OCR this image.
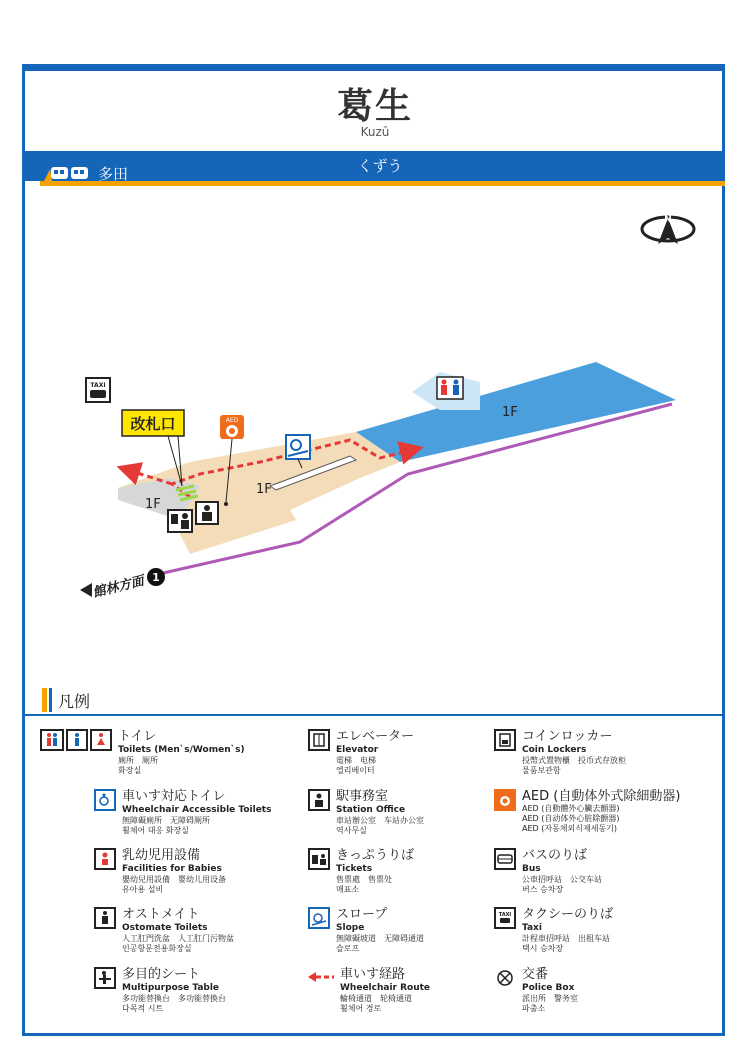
葛生
Kuzū
多田	くずう
N
1
館林方面
改札口
1F
1F
1F
TAXI
AED
凡例
トイレ
Toilets (Men`s/Women`s)
廁所　厕所
화장실
車いす対応トイレ
Wheelchair Accessible Toilets
無障礙廁所　无障碍厕所
휠체어 대응 화장실
乳幼児用設備
Facilities for Babies
嬰幼兒用設備　婴幼儿用设备
유아용 설비
オストメイト
Ostomate Toilets
人工肛門洗盆　人工肛门污物盆
인공항문전용화장실
多目的シート
Multipurpose Table
多功能替換台　多功能替换台
다목적 시트
エレベーター
Elevator
電梯　电梯
엘리베이터
駅事務室
Station Office
車站辦公室　车站办公室
역사무실
きっぷうりば
Tickets
售票處　售票处
매표소
スロープ
Slope
無障礙坡道　无障碍通道
슬로프
車いす経路
Wheelchair Route
輪椅通道　轮椅通道
휠체어 경로
コインロッカー
Coin Lockers
投幣式置物櫃　投币式存放柜
물품보관함
AED (自動体外式除細動器)
AED (自動體外心臟去顫器)
AED (自动体外心脏除颤器)
AED (자동체외식제세동기)
バスのりば
Bus
公車招呼站　公交车站
버스 승차장
TAXI タクシーのりば
Taxi
計程車招呼站　出租车站
택시 승차장
交番
Police Box
派出所　警务室
파출소
